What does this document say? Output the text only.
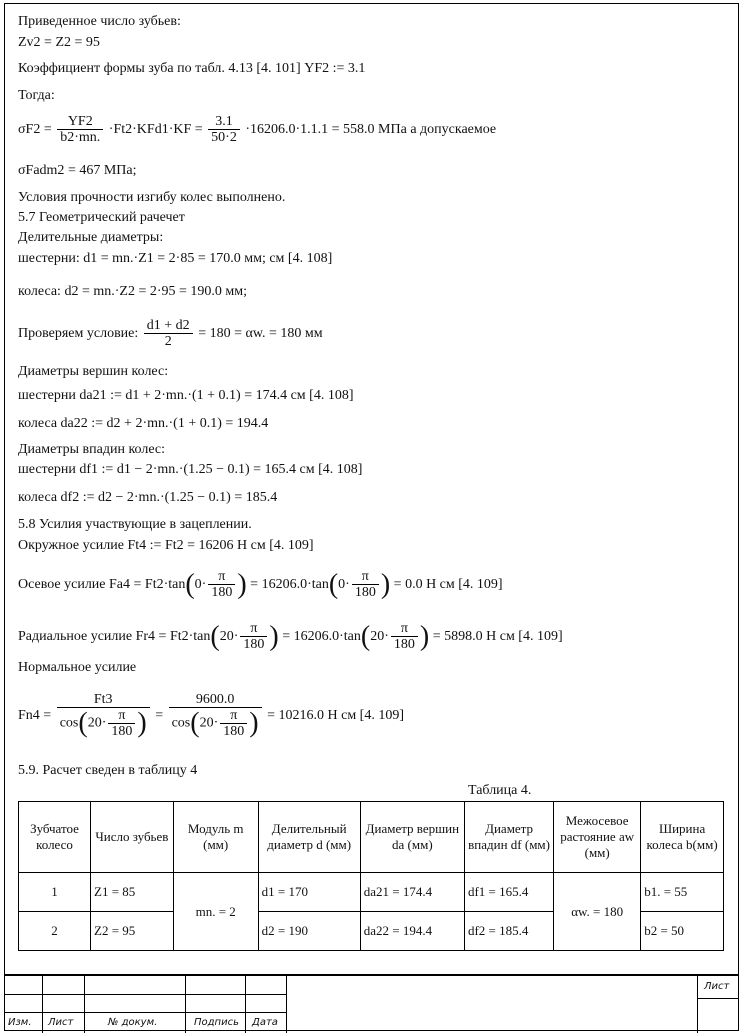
Приведенное число зубьев:
Zv2 = Z2 = 95
Коэффициент формы зуба по табл. 4.13 [4. 101] YF2 := 3.1
Тогда:
$\sigma F2 = \frac{YF2}{b2\cdot mn.} \cdot Ft2\cdot KFd1\cdot KF = \frac{3.1}{50\cdot 2} \cdot 16206.0\cdot 1.1.1 = 558.0$ МПа а допускаемое
σFadm2 = 467 МПа;
Условия прочности изгибу колес выполнено.
5.7 Геометрический рачечет
Делительные диаметры:
шестерни: d1 = mn.·Z1 = 2·85 = 170.0 мм; см [4. 108]
колеса: d2 = mn.·Z2 = 2·95 = 190.0 мм;
Проверяем условие: $\frac{d1 + d2}{2} = 180 = \alpha w$. = 180 мм
Диаметры вершин колес:
шестерни da21 := d1 + 2·mn.·(1 + 0.1) = 174.4 см [4. 108]
колеса da22 := d2 + 2·mn.·(1 + 0.1) = 194.4
Диаметры впадин колес:
шестерни df1 := d1 − 2·mn.·(1.25 − 0.1) = 165.4 см [4. 108]
колеса df2 := d2 − 2·mn.·(1.25 − 0.1) = 185.4
5.8 Усилия участвующие в зацеплении.
Окружное усилие Ft4 := Ft2 = 16206 Н см [4. 109]
Осевое усилие $Fa4 = Ft2\cdot\tan(0\cdot \frac{\pi}{180}$ ) = $16206.0\cdot\tan(0\cdot \frac{\pi}{180}$ ) = 0.0 Н см [4. 109]
Радиальное усилие $Fr4 = Ft2\cdot\tan(20\cdot \frac{\pi}{180}$ ) = $16206.0\cdot\tan(20\cdot \frac{\pi}{180}$ ) = 5898.0 Н см [4. 109]
Нормальное усилие
$Fn4 = \frac{Ft3}{\cos(20\cdot \frac{\pi}{180} )} = \frac{9600.0}{\cos(20\cdot \frac{\pi}{180} )} = 10216.0$ Н см [4. 109]
5.9. Расчет сведен в таблицу 4
Таблица 4.
Зубчатое колесо	Число зубьев	Модуль m (мм)	Делительный диаметр d (мм)	Диаметр вершин da (мм)	Диаметр впадин df (мм)	Межосевое растояние aw (мм)	Ширина колеса b(мм)
1	Z1 = 85	mn. = 2	d1 = 170	da21 = 174.4	df1 = 165.4	αw. = 180	b1. = 55
2	Z2 = 95		d2 = 190	da22 = 194.4	df2 = 185.4		b2 = 50
Лист
Изм. Лист	№ докум.	Подпись Дата
